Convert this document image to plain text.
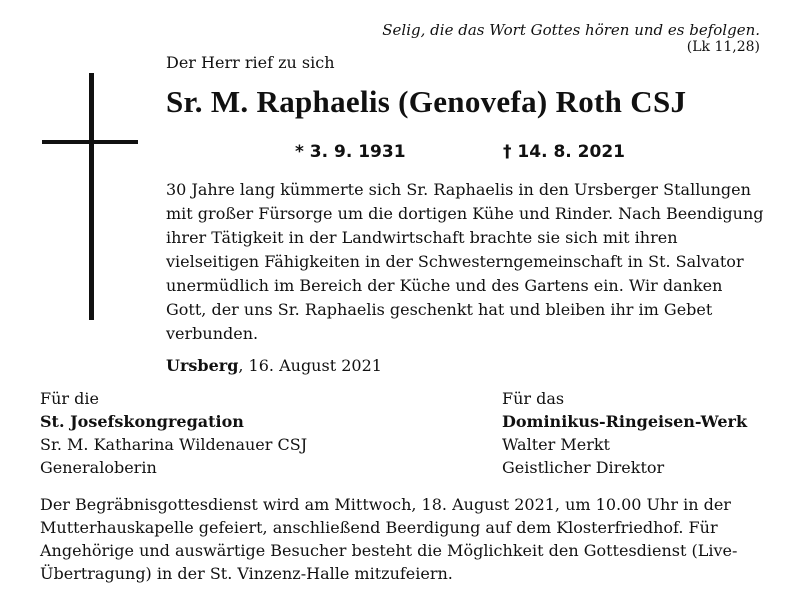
Selig, die das Wort Gottes hören und es befolgen.
(Lk 11,28)
Der Herr rief zu sich
Sr. M. Raphaelis (Genovefa) Roth CSJ
* 3. 9. 1931	† 14. 8. 2021
30 Jahre lang kümmerte sich Sr. Raphaelis in den Ursberger Stallungen mit großer Fürsorge um die dortigen Kühe und Rinder. Nach Beendigung ihrer Tätigkeit in der Landwirtschaft brachte sie sich mit ihren vielseitigen Fähigkeiten in der Schwesterngemeinschaft in St. Salvator unermüdlich im Bereich der Küche und des Gartens ein. Wir danken Gott, der uns Sr. Raphaelis geschenkt hat und bleiben ihr im Gebet verbunden.
Ursberg, 16. August 2021
Für die
St. Josefskongregation
Sr. M. Katharina Wildenauer CSJ
Generaloberin
Für das
Dominikus-Ringeisen-Werk
Walter Merkt
Geistlicher Direktor
Der Begräbnisgottesdienst wird am Mittwoch, 18. August 2021, um 10.00 Uhr in der Mutterhauskapelle gefeiert, anschließend Beerdigung auf dem Klosterfriedhof. Für Angehörige und auswärtige Besucher besteht die Möglichkeit den Gottesdienst (Live-Übertragung) in der St. Vinzenz-Halle mitzufeiern.
